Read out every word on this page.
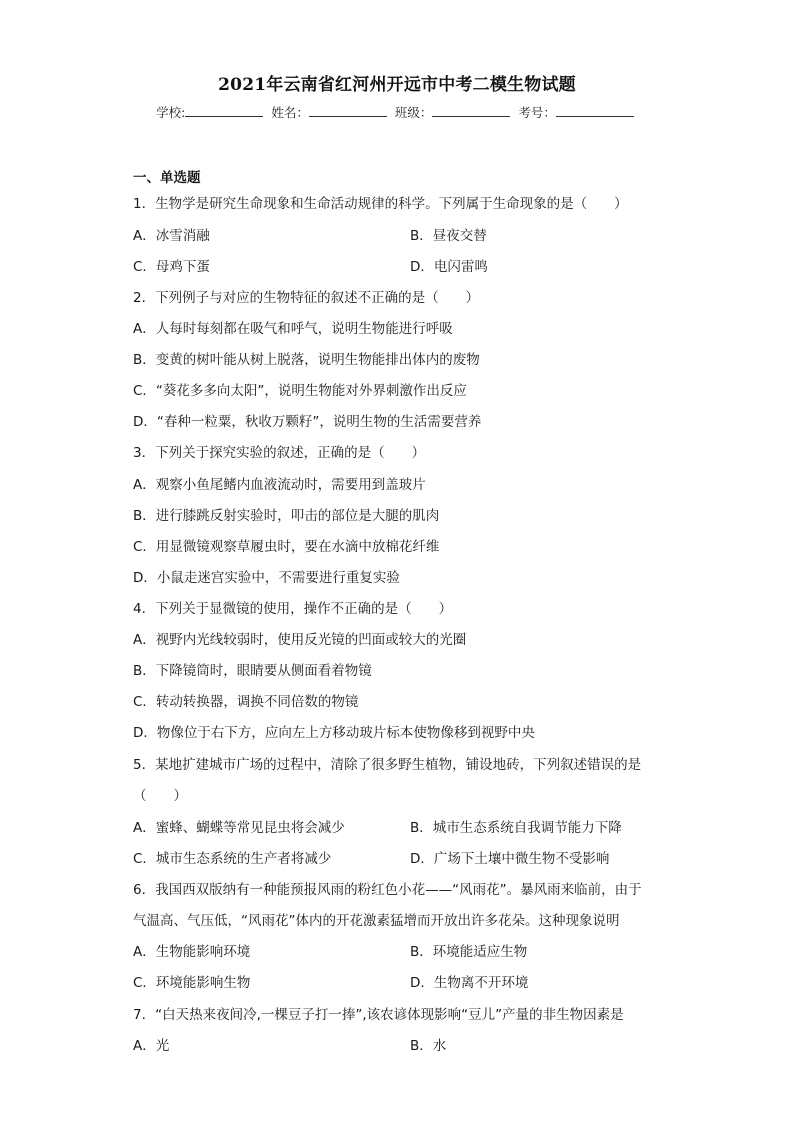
2021年云南省红河州开远市中考二模生物试题
学校:	姓名：	班级：	考号：
一、单选题
1．生物学是研究生命现象和生命活动规律的科学。下列属于生命现象的是（　　）
A．冰雪消融	B．昼夜交替
C．母鸡下蛋	D．电闪雷鸣
2．下列例子与对应的生物特征的叙述不正确的是（　　）
A．人每时每刻都在吸气和呼气，说明生物能进行呼吸
B．变黄的树叶能从树上脱落，说明生物能排出体内的废物
C．“葵花多多向太阳”，说明生物能对外界刺激作出反应
D．“春种一粒粟，秋收万颗籽”，说明生物的生活需要营养
3．下列关于探究实验的叙述，正确的是（　　）
A．观察小鱼尾鳍内血液流动时，需要用到盖玻片
B．进行膝跳反射实验时，叩击的部位是大腿的肌肉
C．用显微镜观察草履虫时，要在水滴中放棉花纤维
D．小鼠走迷宫实验中，不需要进行重复实验
4．下列关于显微镜的使用，操作不正确的是（　　）
A．视野内光线较弱时，使用反光镜的凹面或较大的光圈
B．下降镜筒时，眼睛要从侧面看着物镜
C．转动转换器，调换不同倍数的物镜
D．物像位于右下方，应向左上方移动玻片标本使物像移到视野中央
5．某地扩建城市广场的过程中，清除了很多野生植物，铺设地砖，下列叙述错误的是
（　　）
A．蜜蜂、蝴蝶等常见昆虫将会减少	B．城市生态系统自我调节能力下降
C．城市生态系统的生产者将减少	D．广场下土壤中微生物不受影响
6．我国西双版纳有一种能预报风雨的粉红色小花——“风雨花”。暴风雨来临前，由于
气温高、气压低，“风雨花”体内的开花激素猛增而开放出许多花朵。这种现象说明
A．生物能影响环境	B．环境能适应生物
C．环境能影响生物	D．生物离不开环境
7．“白天热来夜间冷,一棵豆子打一捧”,该农谚体现影响“豆儿”产量的非生物因素是
A．光	B．水
